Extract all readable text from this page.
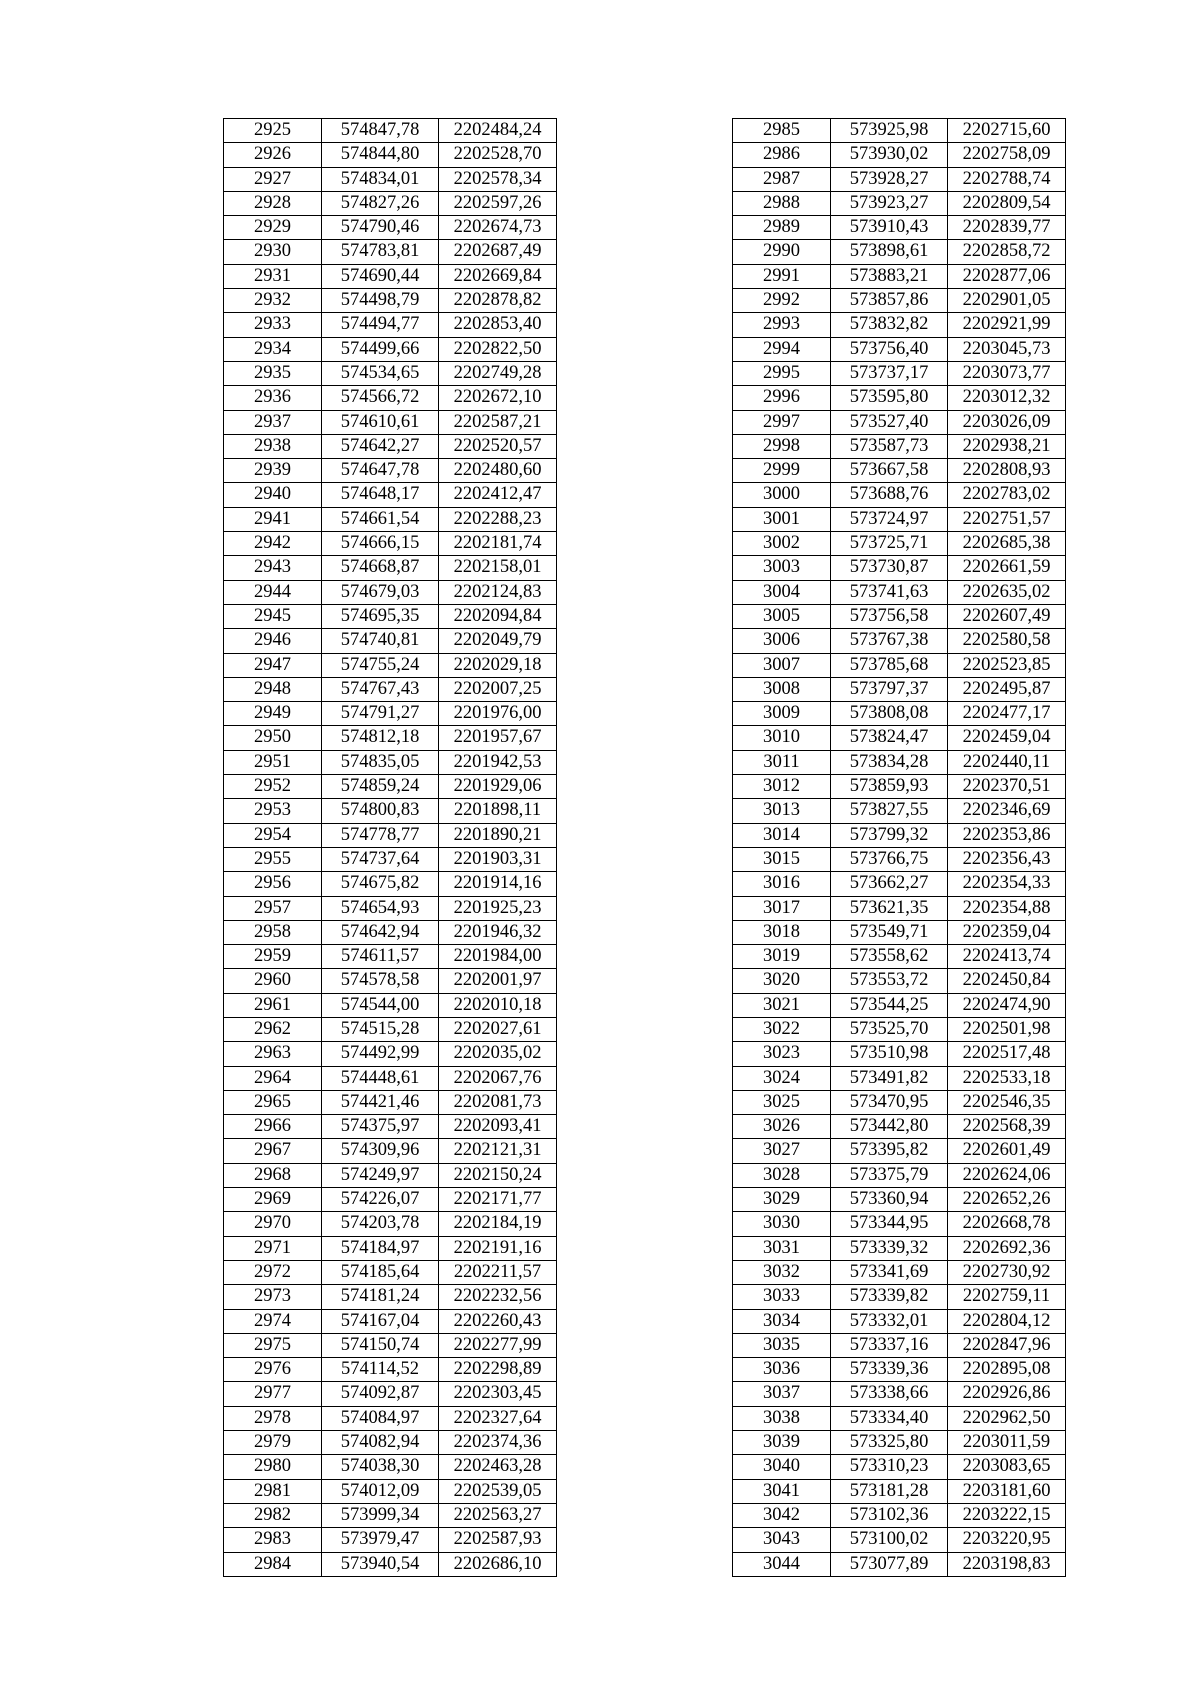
2925	574847,78	2202484,24
2926	574844,80	2202528,70
2927	574834,01	2202578,34
2928	574827,26	2202597,26
2929	574790,46	2202674,73
2930	574783,81	2202687,49
2931	574690,44	2202669,84
2932	574498,79	2202878,82
2933	574494,77	2202853,40
2934	574499,66	2202822,50
2935	574534,65	2202749,28
2936	574566,72	2202672,10
2937	574610,61	2202587,21
2938	574642,27	2202520,57
2939	574647,78	2202480,60
2940	574648,17	2202412,47
2941	574661,54	2202288,23
2942	574666,15	2202181,74
2943	574668,87	2202158,01
2944	574679,03	2202124,83
2945	574695,35	2202094,84
2946	574740,81	2202049,79
2947	574755,24	2202029,18
2948	574767,43	2202007,25
2949	574791,27	2201976,00
2950	574812,18	2201957,67
2951	574835,05	2201942,53
2952	574859,24	2201929,06
2953	574800,83	2201898,11
2954	574778,77	2201890,21
2955	574737,64	2201903,31
2956	574675,82	2201914,16
2957	574654,93	2201925,23
2958	574642,94	2201946,32
2959	574611,57	2201984,00
2960	574578,58	2202001,97
2961	574544,00	2202010,18
2962	574515,28	2202027,61
2963	574492,99	2202035,02
2964	574448,61	2202067,76
2965	574421,46	2202081,73
2966	574375,97	2202093,41
2967	574309,96	2202121,31
2968	574249,97	2202150,24
2969	574226,07	2202171,77
2970	574203,78	2202184,19
2971	574184,97	2202191,16
2972	574185,64	2202211,57
2973	574181,24	2202232,56
2974	574167,04	2202260,43
2975	574150,74	2202277,99
2976	574114,52	2202298,89
2977	574092,87	2202303,45
2978	574084,97	2202327,64
2979	574082,94	2202374,36
2980	574038,30	2202463,28
2981	574012,09	2202539,05
2982	573999,34	2202563,27
2983	573979,47	2202587,93
2984	573940,54	2202686,10
2985	573925,98	2202715,60
2986	573930,02	2202758,09
2987	573928,27	2202788,74
2988	573923,27	2202809,54
2989	573910,43	2202839,77
2990	573898,61	2202858,72
2991	573883,21	2202877,06
2992	573857,86	2202901,05
2993	573832,82	2202921,99
2994	573756,40	2203045,73
2995	573737,17	2203073,77
2996	573595,80	2203012,32
2997	573527,40	2203026,09
2998	573587,73	2202938,21
2999	573667,58	2202808,93
3000	573688,76	2202783,02
3001	573724,97	2202751,57
3002	573725,71	2202685,38
3003	573730,87	2202661,59
3004	573741,63	2202635,02
3005	573756,58	2202607,49
3006	573767,38	2202580,58
3007	573785,68	2202523,85
3008	573797,37	2202495,87
3009	573808,08	2202477,17
3010	573824,47	2202459,04
3011	573834,28	2202440,11
3012	573859,93	2202370,51
3013	573827,55	2202346,69
3014	573799,32	2202353,86
3015	573766,75	2202356,43
3016	573662,27	2202354,33
3017	573621,35	2202354,88
3018	573549,71	2202359,04
3019	573558,62	2202413,74
3020	573553,72	2202450,84
3021	573544,25	2202474,90
3022	573525,70	2202501,98
3023	573510,98	2202517,48
3024	573491,82	2202533,18
3025	573470,95	2202546,35
3026	573442,80	2202568,39
3027	573395,82	2202601,49
3028	573375,79	2202624,06
3029	573360,94	2202652,26
3030	573344,95	2202668,78
3031	573339,32	2202692,36
3032	573341,69	2202730,92
3033	573339,82	2202759,11
3034	573332,01	2202804,12
3035	573337,16	2202847,96
3036	573339,36	2202895,08
3037	573338,66	2202926,86
3038	573334,40	2202962,50
3039	573325,80	2203011,59
3040	573310,23	2203083,65
3041	573181,28	2203181,60
3042	573102,36	2203222,15
3043	573100,02	2203220,95
3044	573077,89	2203198,83
